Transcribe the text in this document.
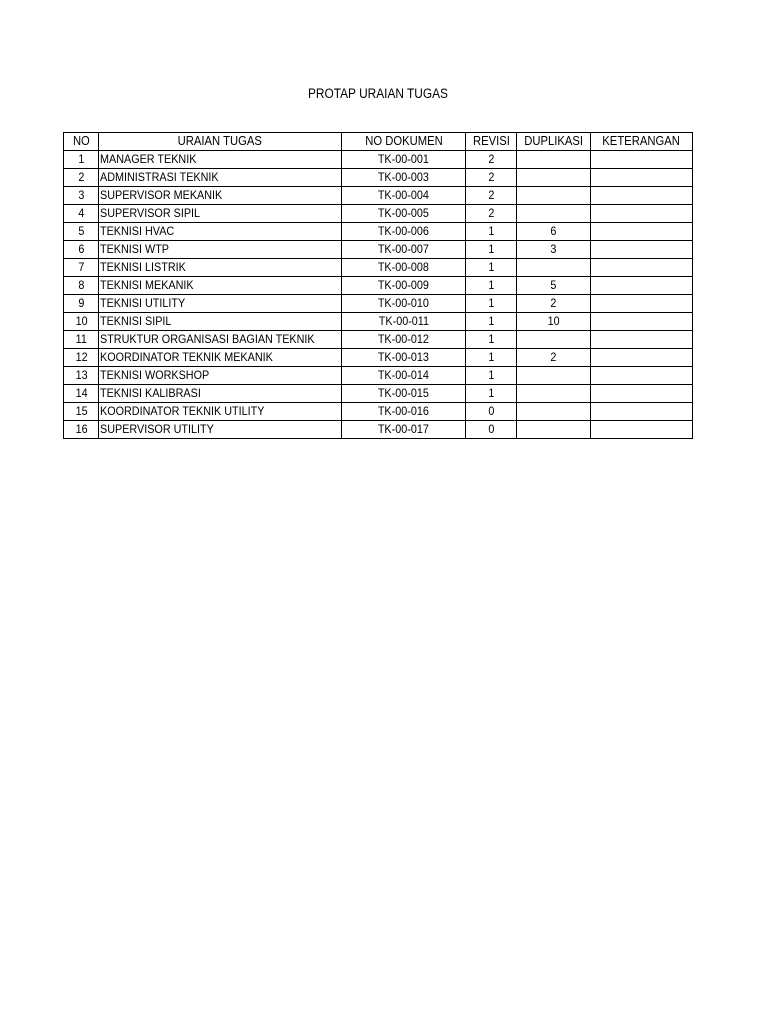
PROTAP URAIAN TUGAS
NO	URAIAN TUGAS	NO DOKUMEN	REVISI	DUPLIKASI	KETERANGAN
1	MANAGER TEKNIK	TK-00-001	2		
2	ADMINISTRASI TEKNIK	TK-00-003	2		
3	SUPERVISOR MEKANIK	TK-00-004	2		
4	SUPERVISOR SIPIL	TK-00-005	2		
5	TEKNISI HVAC	TK-00-006	1	6	
6	TEKNISI WTP	TK-00-007	1	3	
7	TEKNISI LISTRIK	TK-00-008	1		
8	TEKNISI MEKANIK	TK-00-009	1	5	
9	TEKNISI UTILITY	TK-00-010	1	2	
10	TEKNISI SIPIL	TK-00-011	1	10	
11	STRUKTUR ORGANISASI BAGIAN TEKNIK	TK-00-012	1		
12	KOORDINATOR TEKNIK MEKANIK	TK-00-013	1	2	
13	TEKNISI WORKSHOP	TK-00-014	1		
14	TEKNISI KALIBRASI	TK-00-015	1		
15	KOORDINATOR TEKNIK UTILITY	TK-00-016	0		
16	SUPERVISOR UTILITY	TK-00-017	0		
